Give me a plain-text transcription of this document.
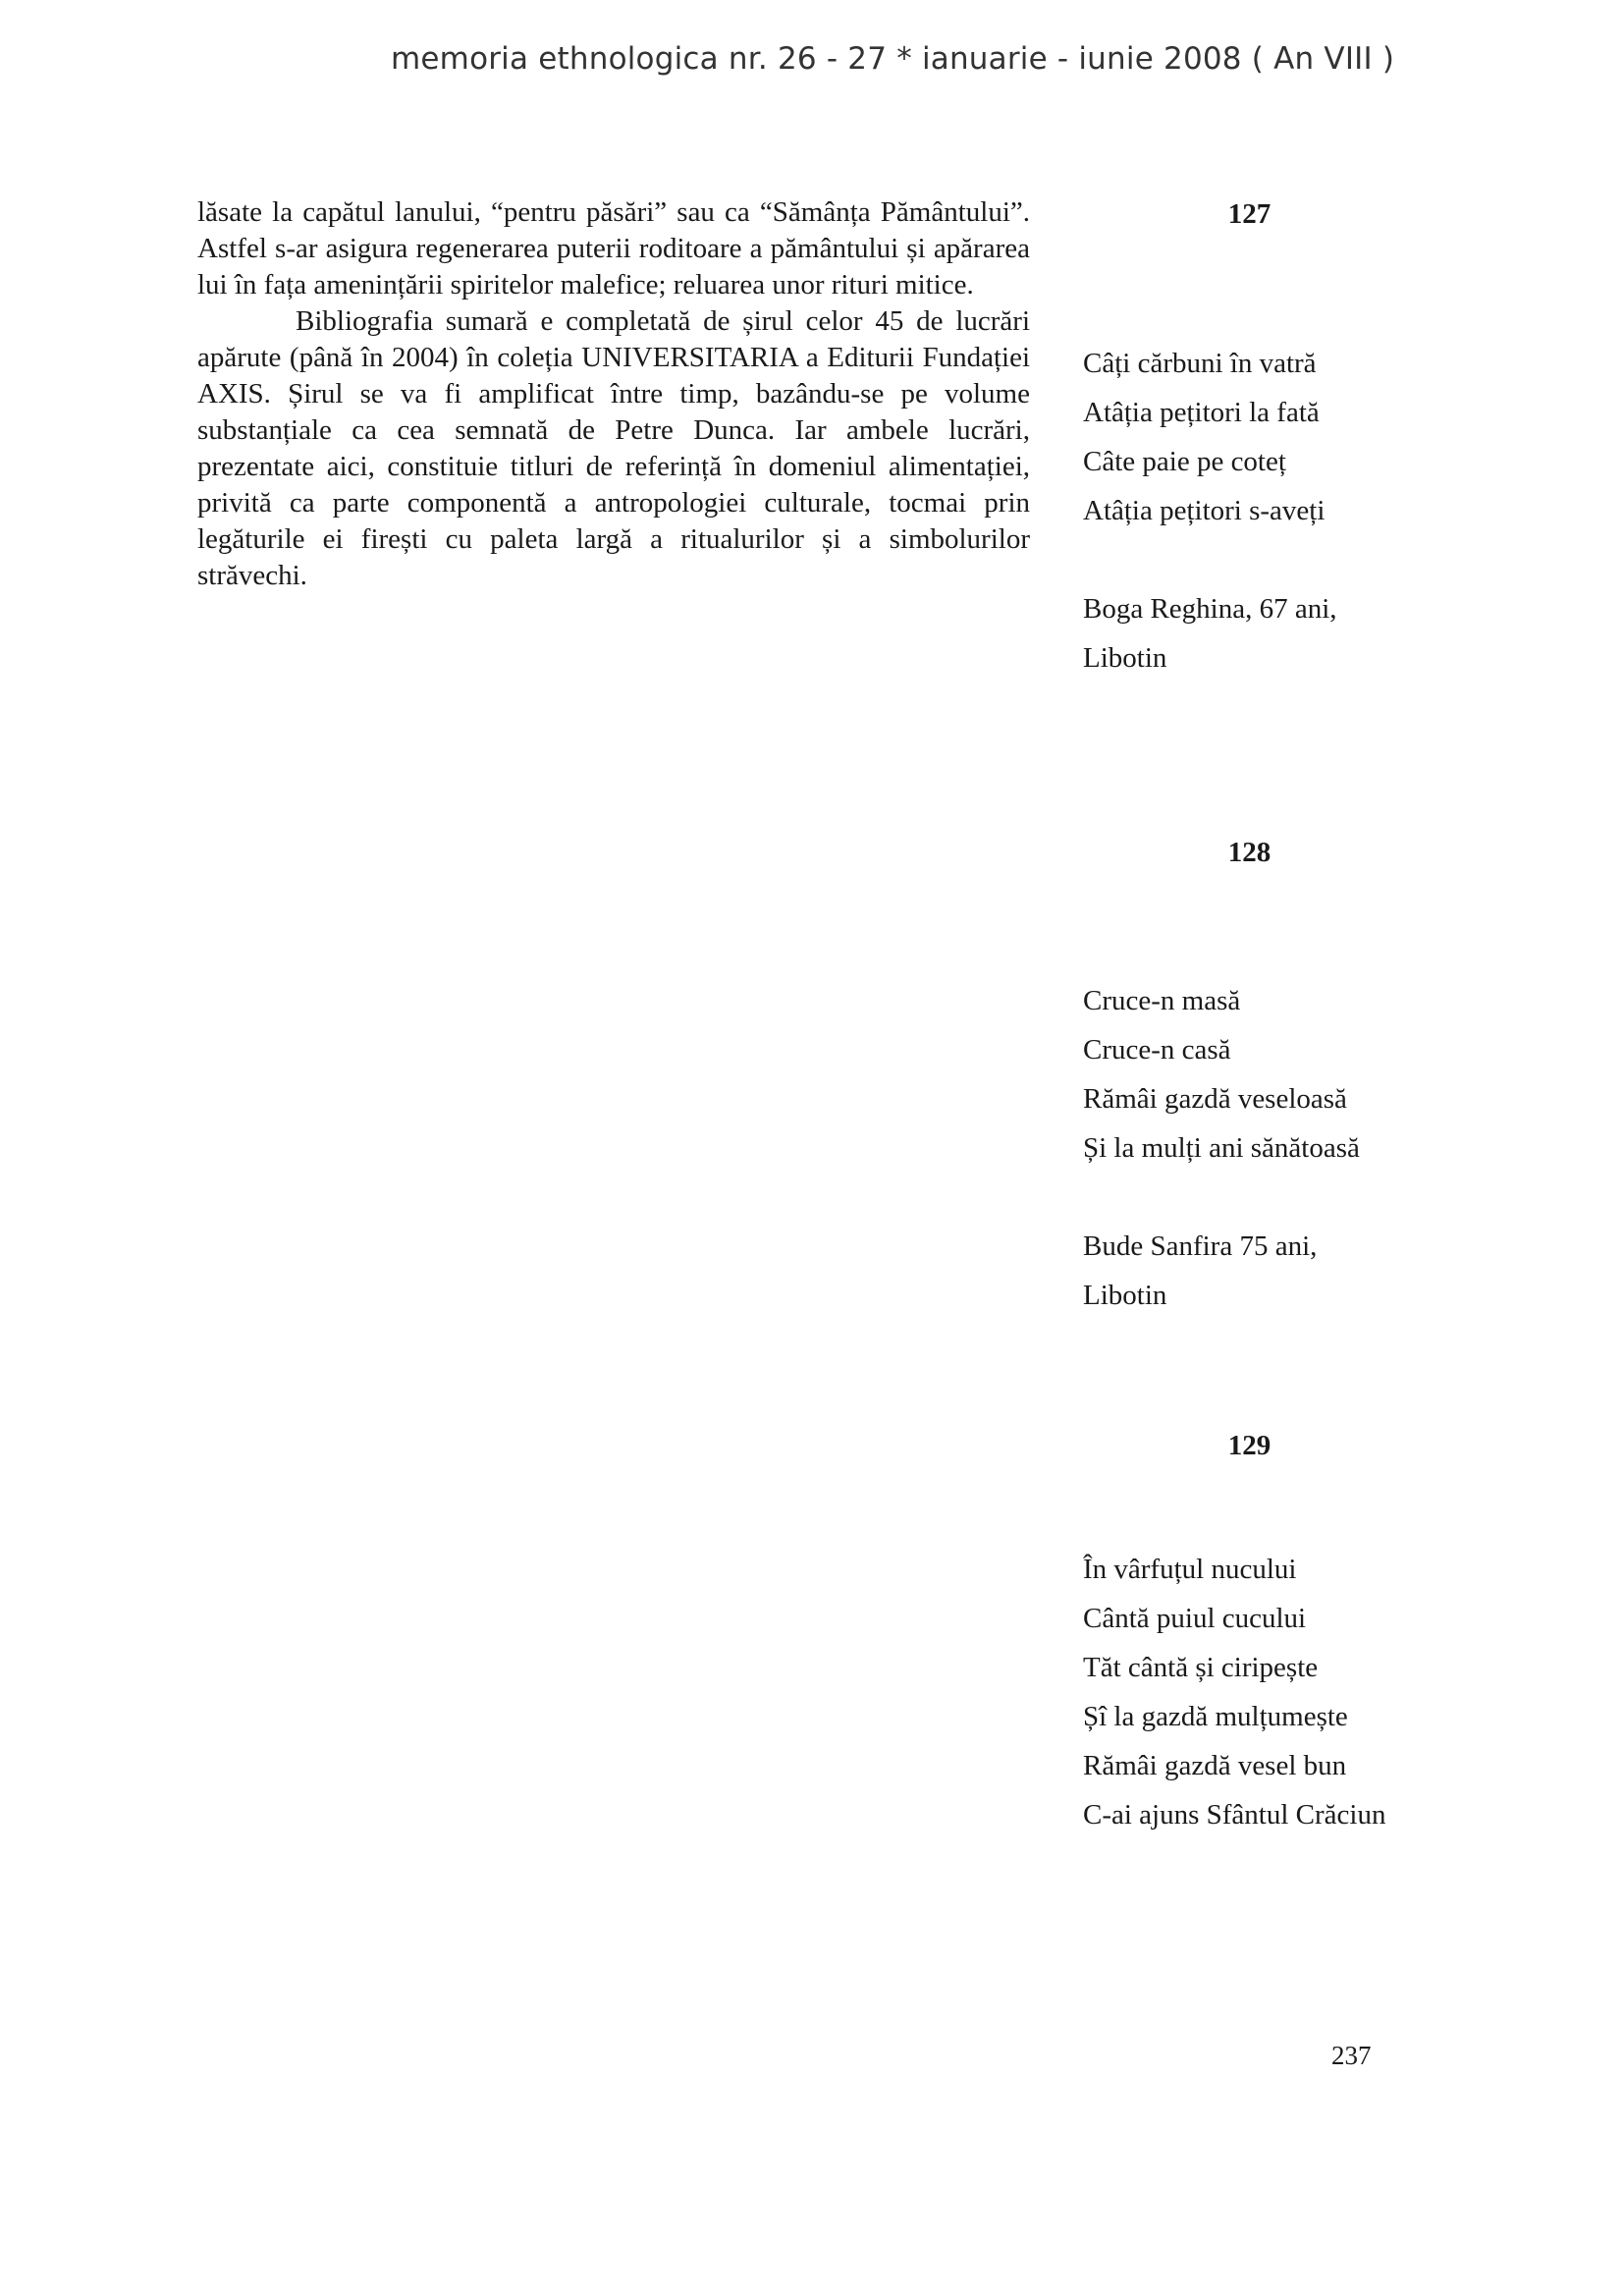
memoria ethnologica nr. 26 - 27 * ianuarie - iunie 2008 ( An VIII )

lăsate la capătul lanului, “pentru păsări” sau ca “Sămânța Pământului”. Astfel s-ar asigura regenerarea puterii roditoare a pământului și apărarea lui în fața amenințării spiritelor malefice; reluarea unor rituri mitice.

Bibliografia sumară e completată de șirul celor 45 de lucrări apărute (până în 2004) în coleția UNIVERSITARIA a Editurii Fundației AXIS. Șirul se va fi amplificat între timp, bazându-se pe volume substanțiale ca cea semnată de Petre Dunca. Iar ambele lucrări, prezentate aici, constituie titluri de referință în domeniul alimentației, privită ca parte componentă a antropologiei culturale, tocmai prin legăturile ei firești cu paleta largă a ritualurilor și a simbolurilor străvechi.

127
Câți cărbuni în vatră
Atâția pețitori la fată
Câte paie pe coteț
Atâția pețitori s-aveți
Boga Reghina, 67 ani,
Libotin
128
Cruce-n masă
Cruce-n casă
Rămâi gazdă veseloasă
Și la mulți ani sănătoasă
Bude Sanfira 75 ani,
Libotin
129
În vârfuțul nucului
Cântă puiul cucului
Tăt cântă și ciripește
Șî la gazdă mulțumește
Rămâi gazdă vesel bun
C-ai ajuns Sfântul Crăciun
237
